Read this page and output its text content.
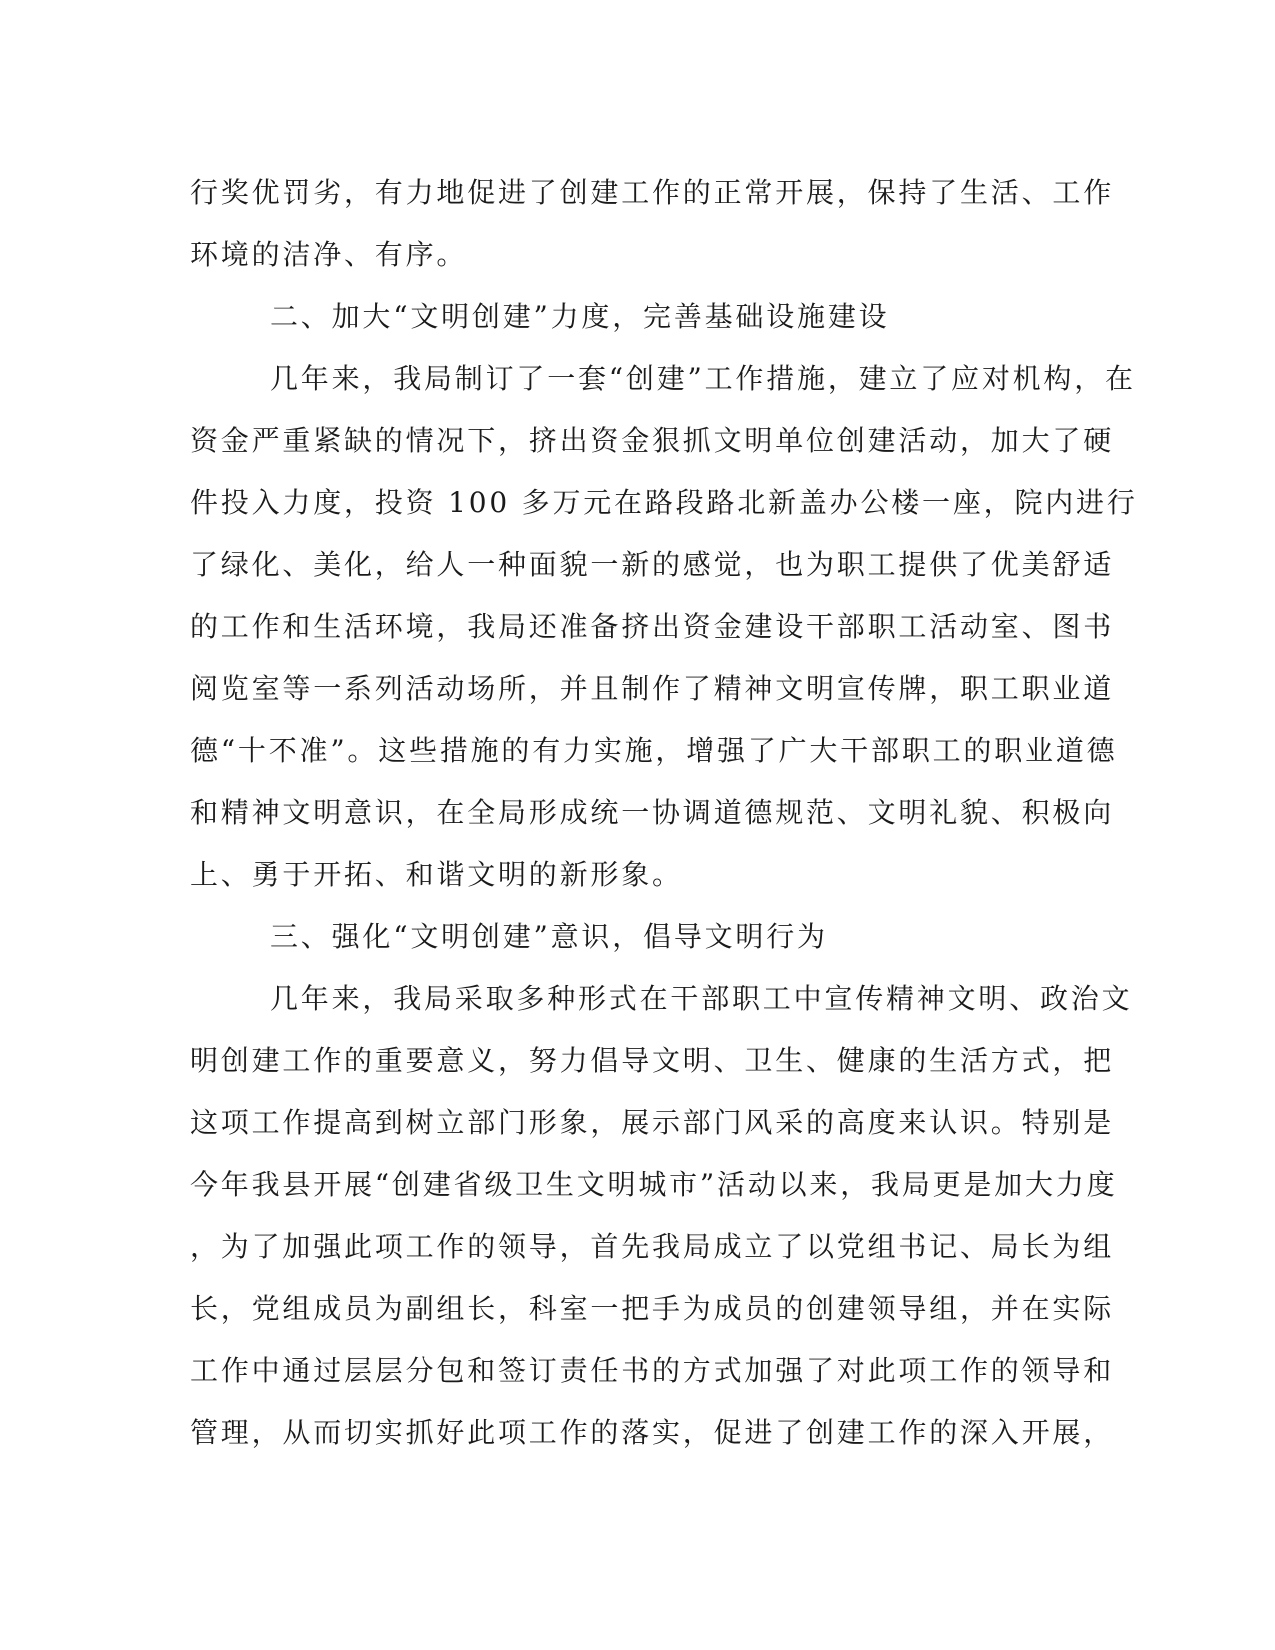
行奖优罚劣，有力地促进了创建工作的正常开展，保持了生活、工作
环境的洁净、有序。
二、加大“文明创建”力度，完善基础设施建设
几年来，我局制订了一套“创建”工作措施，建立了应对机构，在
资金严重紧缺的情况下，挤出资金狠抓文明单位创建活动，加大了硬
件投入力度，投资 100 多万元在路段路北新盖办公楼一座，院内进行
了绿化、美化，给人一种面貌一新的感觉，也为职工提供了优美舒适
的工作和生活环境，我局还准备挤出资金建设干部职工活动室、图书
阅览室等一系列活动场所，并且制作了精神文明宣传牌，职工职业道
德“十不准”。这些措施的有力实施，增强了广大干部职工的职业道德
和精神文明意识，在全局形成统一协调道德规范、文明礼貌、积极向
上、勇于开拓、和谐文明的新形象。
三、强化“文明创建”意识，倡导文明行为
几年来，我局采取多种形式在干部职工中宣传精神文明、政治文
明创建工作的重要意义，努力倡导文明、卫生、健康的生活方式，把
这项工作提高到树立部门形象，展示部门风采的高度来认识。特别是
今年我县开展“创建省级卫生文明城市”活动以来，我局更是加大力度
，为了加强此项工作的领导，首先我局成立了以党组书记、局长为组
长，党组成员为副组长，科室一把手为成员的创建领导组，并在实际
工作中通过层层分包和签订责任书的方式加强了对此项工作的领导和
管理，从而切实抓好此项工作的落实，促进了创建工作的深入开展，
